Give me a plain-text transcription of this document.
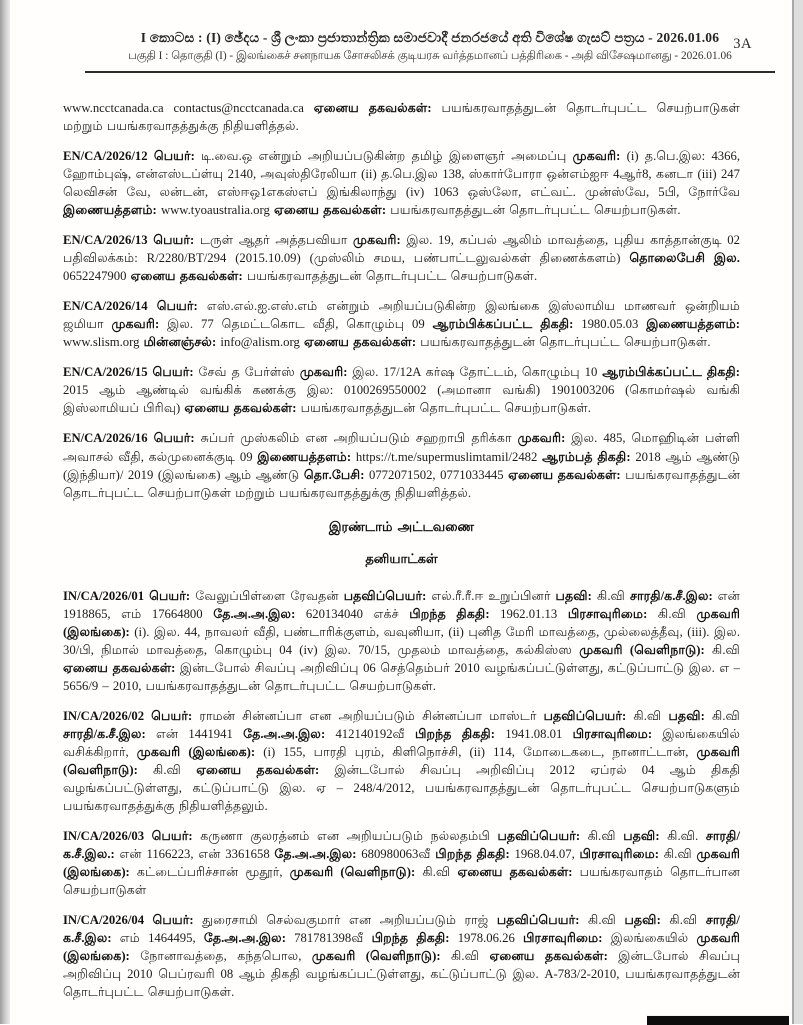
I කොටස : (I) ඡේදය - ශ්‍රී ලංකා ප්‍රජාතාන්ත්‍රික සමාජවාදී ජනරජයේ අති විශේෂ ගැසට් පත්‍රය - 2026.01.06
பகுதி I : தொகுதி (I) - இலங்கைச் சனநாயக சோசலிசக் குடியரசு வர்த்தமானப் பத்திரிகை - அதி விசேஷமானது - 2026.01.06
3A

www.ncctcanada.ca contactus@ncctcanada.ca ஏனைய தகவல்கள்: பயங்கரவாதத்துடன் தொடர்புபட்ட செயற்பாடுகள் மற்றும் பயங்கரவாதத்துக்கு நிதியளித்தல்.

EN/CA/2026/12 பெயர்: டி.வை.ஒ என்றும் அறியப்படுகின்ற தமிழ் இளைஞர் அமைப்பு முகவரி: (i) த.பெ.இல: 4366, ஹோம்புஷ், என்எஸ்டப்ள்யு 2140, அவுஸ்திரேலியா (ii) த.பெ.இல 138, ஸ்கார்போரா ஒன்எம்ஐஈ 4ஆர்8, கனடா (iii) 247 லெவிசன் வே, லன்டன், எஸ்ஈஒ1எகஸ்எப் இங்கிலாந்து (iv) 1063 ஒஸ்லோ, எட்வட். முன்ஸ்வே, 5பி, நோர்வே இணையத்தளம்: www.tyoaustralia.org ஏனைய தகவல்கள்: பயங்கரவாதத்துடன் தொடர்புபட்ட செயற்பாடுகள்.

EN/CA/2026/13 பெயர்: டருள் ஆதர் அத்தபவியா முகவரி: இல. 19, கப்பல் ஆலிம் மாவத்தை, புதிய காத்தான்குடி 02 பதிவிலக்கம்: R/2280/BT/294 (2015.10.09) (முஸ்லிம் சமய, பண்பாட்டலுவல்கள் திணைக்களம்) தொலைபேசி இல. 0652247900 ஏனைய தகவல்கள்: பயங்கரவாதத்துடன் தொடர்புபட்ட செயற்பாடுகள்.

EN/CA/2026/14 பெயர்: எஸ்.எல்.ஐ.எஸ்.எம் என்றும் அறியப்படுகின்ற இலங்கை இஸ்லாமிய மாணவர் ஒன்றியம் ஜமியா முகவரி: இல. 77 தெமட்டகொட வீதி, கொழும்பு 09 ஆரம்பிக்கப்பட்ட திகதி: 1980.05.03 இணையத்தளம்: www.slism.org மின்னஞ்சல்: info@alism.org ஏனைய தகவல்கள்: பயங்கரவாதத்துடன் தொடர்புபட்ட செயற்பாடுகள்.

EN/CA/2026/15 பெயர்: சேவ் த பேர்ள்ஸ் முகவரி: இல. 17/12A கர்ஷ தோட்டம், கொழும்பு 10 ஆரம்பிக்கப்பட்ட திகதி: 2015 ஆம் ஆண்டில் வங்கிக் கணக்கு இல: 0100269550002 (அமானா வங்கி) 1901003206 (கொமர்ஷல் வங்கி இஸ்லாமியப் பிரிவு) ஏனைய தகவல்கள்: பயங்கரவாதத்துடன் தொடர்புபட்ட செயற்பாடுகள்.

EN/CA/2026/16 பெயர்: சுப்பர் முஸ்கலிம் என அறியப்படும் சஹறாபி தரிக்கா முகவரி: இல. 485, மொஹிடின் பள்ளி அவாசல் வீதி, கல்முனைக்குடி 09 இணையத்தளம்: https://t.me/supermuslimtamil/2482 ஆரம்பத் திகதி: 2018 ஆம் ஆண்டு (இந்தியா)/ 2019 (இலங்கை) ஆம் ஆண்டு தொ.பேசி: 0772071502, 0771033445 ஏனைய தகவல்கள்: பயங்கரவாதத்துடன் தொடர்புபட்ட செயற்பாடுகள் மற்றும் பயங்கரவாதத்துக்கு நிதியளித்தல்.

இரண்டாம் அட்டவணை
தனியாட்கள்

IN/CA/2026/01 பெயர்: வேலுப்பிள்ளை ரேவதன் பதவிப்பெயர்: எல்.ரீ.ரீ.ஈ உறுப்பினர் பதவி: கி.வி சாரதி/க.சீ.இல: என் 1918865, எம் 17664800 தே.அ.அ.இல: 620134040 எக்ச் பிறந்த திகதி: 1962.01.13 பிரசாவுரிமை: கி.வி முகவரி (இலங்கை): (i). இல. 44, நாவலர் வீதி, பண்டாரிக்குளம், வவுனியா, (ii) புனித மேரி மாவத்தை, முல்லைத்தீவு, (iii). இல. 30/பி, நிமால் மாவத்தை, கொழும்பு 04 (iv) இல. 70/15, முதலம் மாவத்தை, கல்கிஸ்ஸ முகவரி (வெளிநாடு): கி.வி ஏனைய தகவல்கள்: இன்டபோல் சிவப்பு அறிவிப்பு 06 செத்தெம்பர் 2010 வழங்கப்பட்டுள்ளது, கட்டுப்பாட்டு இல. எ – 5656/9 – 2010, பயங்கரவாதத்துடன் தொடர்புபட்ட செயற்பாடுகள்.

IN/CA/2026/02 பெயர்: ராமன் சின்னப்பா என அறியப்படும் சின்னப்பா மாஸ்டர் பதவிப்பெயர்: கி.வி பதவி: கி.வி சாரதி/க.சீ.இல: என் 1441941 தே.அ.அ.இல: 412140192வீ பிறந்த திகதி: 1941.08.01 பிரசாவுரிமை: இலங்கையில் வசிக்கிறார், முகவரி (இலங்கை): (i) 155, பாரதி புரம், கிளிநொச்சி, (ii) 114, மோடைகடை, நானாட்டான், முகவரி (வெளிநாடு): கி.வி ஏனைய தகவல்கள்: இன்டபோல் சிவப்பு அறிவிப்பு 2012 ஏப்ரல் 04 ஆம் திகதி வழங்கப்பட்டுள்ளது, கட்டுப்பாட்டு இல. ஏ – 248/4/2012, பயங்கரவாதத்துடன் தொடர்புபட்ட செயற்பாடுகளும் பயங்கரவாதத்துக்கு நிதியளித்தலும்.

IN/CA/2026/03 பெயர்: கருணா குலரத்னம் என அறியப்படும் நல்லதம்பி பதவிப்பெயர்: கி.வி பதவி: கி.வி. சாரதி/க.சீ.இல.: என் 1166223, என் 3361658 தே.அ.அ.இல: 680980063வீ பிறந்த திகதி: 1968.04.07, பிரசாவுரிமை: கி.வி முகவரி (இலங்கை): கட்டைப்பரிச்சான் மூதூர், முகவரி (வெளிநாடு): கி.வி ஏனைய தகவல்கள்: பயங்கரவாதம் தொடர்பான செயற்பாடுகள்

IN/CA/2026/04 பெயர்: துரைசாமி செல்வகுமார் என அறியப்படும் ராஜ் பதவிப்பெயர்: கி.வி பதவி: கி.வி சாரதி/க.சீ.இல: எம் 1464495, தே.அ.அ.இல: 781781398வீ பிறந்த திகதி: 1978.06.26 பிரசாவுரிமை: இலங்கையில் முகவரி (இலங்கை): நோனாவத்தை, கந்தபொல, முகவரி (வெளிநாடு): கி.வி ஏனைய தகவல்கள்: இன்டபோல் சிவப்பு அறிவிப்பு 2010 பெப்ரவரி 08 ஆம் திகதி வழங்கப்பட்டுள்ளது, கட்டுப்பாட்டு இல. A-783/2-2010, பயங்கரவாதத்துடன் தொடர்புபட்ட செயற்பாடுகள்.
